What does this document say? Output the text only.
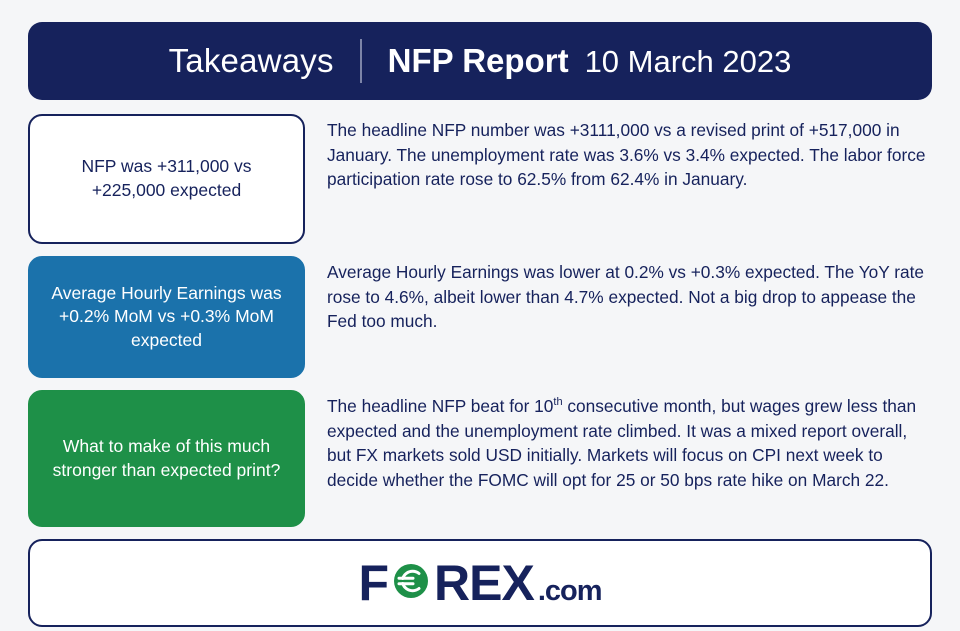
Takeaways	NFP Report 10 March 2023
NFP was +311,000 vs +225,000 expected
The headline NFP number was +3111,000 vs a revised print of +517,000 in January. The unemployment rate was 3.6% vs 3.4% expected. The labor force participation rate rose to 62.5% from 62.4% in January.
Average Hourly Earnings was +0.2% MoM vs +0.3% MoM expected
Average Hourly Earnings was lower at 0.2% vs +0.3% expected. The YoY rate rose to 4.6%, albeit lower than 4.7% expected. Not a big drop to appease the Fed too much.
What to make of this much stronger than expected print?
The headline NFP beat for 10th consecutive month, but wages grew less than expected and the unemployment rate climbed. It was a mixed report overall, but FX markets sold USD initially. Markets will focus on CPI next week to decide whether the FOMC will opt for 25 or 50 bps rate hike on March 22.
F REX .com
